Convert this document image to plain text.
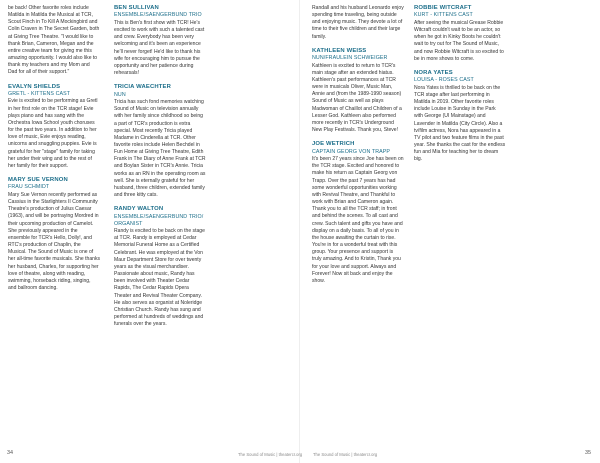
be back! Other favorite roles include Matilda in Matilda the Musical at TCR, Scout Finch in To Kill A Mockingbird and Colin Craven in The Secret Garden, both at Giving Tree Theatre. "I would like to thank Brian, Cameron, Megan and the entire creative team for giving me this amazing opportunity. I would also like to thank my teachers and my Mom and Dad for all of their support."

EVALYN SHIELDS
GRETL - KITTENS CAST

Evie is excited to be performing as Gretl in her first role on the TCR stage! Evie plays piano and has sang with the Orchestra Iowa School youth choruses for the past two years. In addition to her love of music, Evie enjoys reading, unicorns and snuggling puppies. Evie is grateful for her "stage" family for taking her under their wing and to the rest of her family for their support.

MARY SUE VERNON
FRAU SCHMIDT

Mary Sue Vernon recently performed as Cassius in the Starlighters II Community Theatre's production of Julius Caesar (1963), and will be portraying Mordred in their upcoming production of Camelot. She previously appeared in the ensemble for TCR's Hello, Dolly!, and RTC's production of Chaplin, the Musical. The Sound of Music is one of her all-time favorite musicals. She thanks her husband, Charles, for supporting her love of theatre, along with reading, swimming, horseback riding, singing, and ballroom dancing.

BEN SULLIVAN
ENSEMBLE/SAENGERBUND TRIO

This is Ben's first show with TCR! He's excited to work with such a talented cast and crew. Everybody has been very welcoming and it's been an experience he'll never forget! He'd like to thank his wife for encouraging him to pursue the opportunity and her patience during rehearsals!

TRICIA WAECHTER
NUN

Tricia has such fond memories watching Sound of Music on television annually with her family since childhood so being a part of TCR's production is extra special. Most recently Tricia played Madame in Cinderella at TCR. Other favorite roles include Helen Bechdel in Fun Home at Giving Tree Theatre, Edith Frank in The Diary of Anne Frank at TCR and Boylan Sister in TCR's Annie. Tricia works as an RN in the operating room as well. She is eternally grateful for her husband, three children, extended family and three kitty cats.

RANDY WALTON
ENSEMBLE/SAENGERBUND TRIO/ ORGANIST

Randy is excited to be back on the stage at TCR. Randy is employed at Cedar Memorial Funeral Home as a Certified Celebrant. He was employed at the Von Maur Department Store for over twenty years as the visual merchandiser. Passionate about music, Randy has been involved with Theater Cedar Rapids, The Cedar Rapids Opera Theater and Revival Theater Company. He also serves as organist at Noleridge Christian Church. Randy has sung and performed at hundreds of weddings and funerals over the years.

Randall and his husband Leonardo enjoy spending time traveling, being outside and enjoying music. They devote a lot of time to their five children and their large family.

KATHLEEN WEISS
NUN/FRAULEIN SCHWEIGER

Kathleen is excited to return to TCR's main stage after an extended hiatus. Kathleen's past performances at TCR were in musicals Oliver, Music Man, Annie and (from the 1989-1990 season) Sound of Music as well as plays Madwoman of Chaillot and Children of a Lesser God. Kathleen also performed more recently in TCR's Underground New Play Festivals. Thank you, Steve!

JOE WETRICH
CAPTAIN GEORG VON TRAPP

It's been 27 years since Joe has been on the TCR stage. Excited and honored to make his return as Captain Georg von Trapp. Over the past 7 years has had some wonderful opportunities working with Revival Theatre, and Thankful to work with Brian and Cameron again. Thank you to all the TCR staff; in front and behind the scenes. To all cast and crew. Such talent and gifts you have and display on a daily basis. To all of you in the house awaiting the curtain to rise. You're in for a wonderful treat with this group. Your presence and support is truly amazing. And to Kristin, Thank you for your love and support. Always and Forever! Now sit back and enjoy the show.

ROBBIE WITCRAFT
KURT - KITTENS CAST

After seeing the musical Grease Robbie Witcraft couldn't wait to be an actor, so when he got in Kinky Boots he couldn't wait to try out for The Sound of Music, and now Robbie Witcraft is so excited to be in more shows to come.

NORA YATES
LOUISA - ROSES CAST

Nora Yates is thrilled to be back on the TCR stage after last performing in Matilda in 2019. Other favorite roles include Louise in Sunday in the Park with George (UI Mainstage) and Lavender in Matilda (City Circle). Also a tv/film actress, Nora has appeared in a TV pilot and two feature films in the past year. She thanks the cast for the endless fun and Mia for teaching her to dream big.

34	The Sound of Music | theatercr.org	The Sound of Music | theatercr.org	35
